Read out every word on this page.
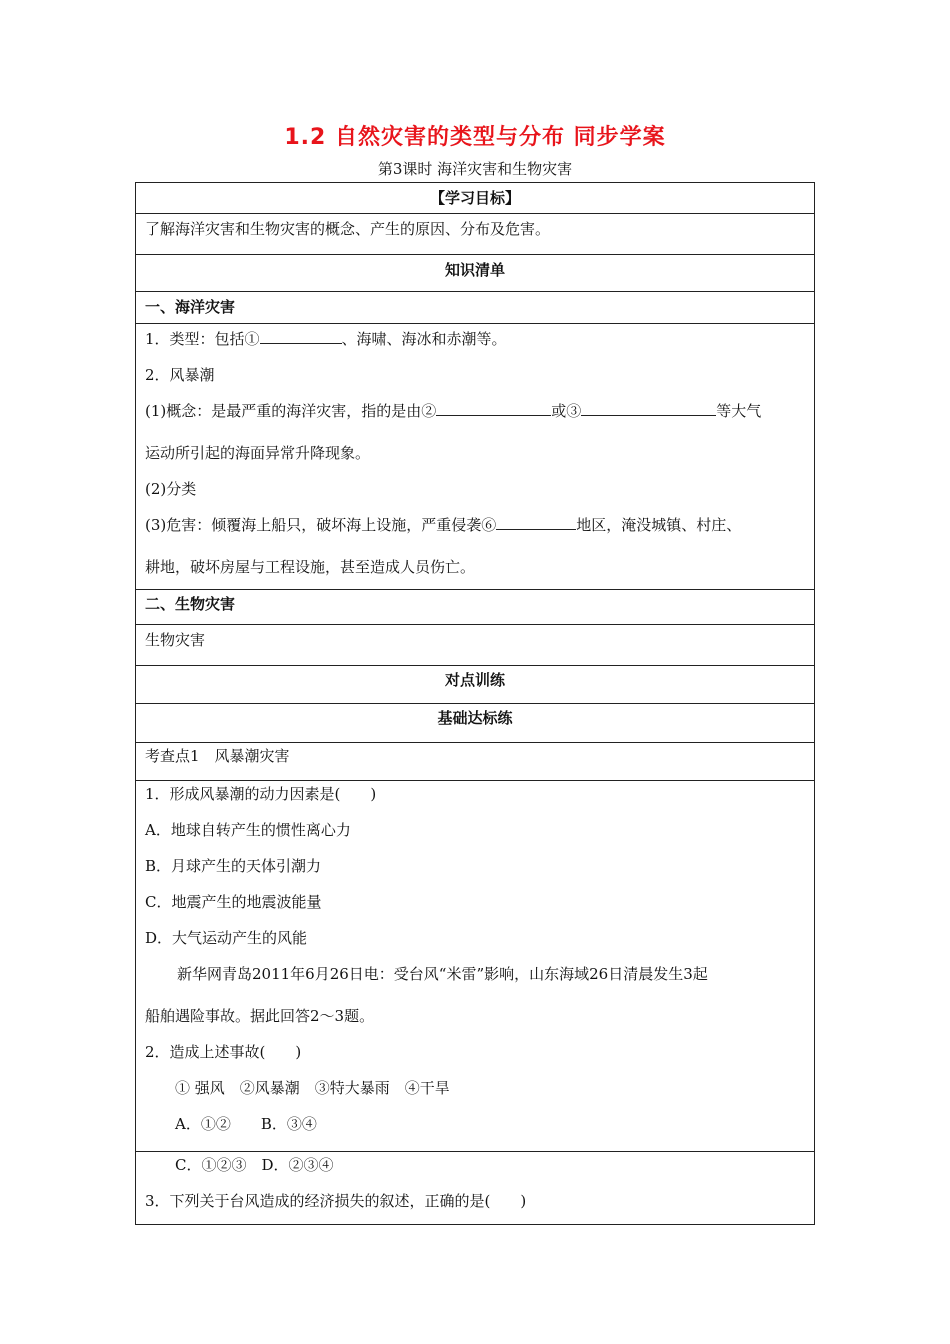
1.2 自然灾害的类型与分布 同步学案
第3课时 海洋灾害和生物灾害
【学习目标】
了解海洋灾害和生物灾害的概念、产生的原因、分布及危害。
知识清单
一、海洋灾害
1．类型：包括①	、海啸、海冰和赤潮等。
2．风暴潮
(1)概念：是最严重的海洋灾害，指的是由②	或③	等大气
运动所引起的海面异常升降现象。
(2)分类
(3)危害：倾覆海上船只，破坏海上设施，严重侵袭⑥	地区，淹没城镇、村庄、
耕地，破坏房屋与工程设施，甚至造成人员伤亡。
二、生物灾害
生物灾害
对点训练
基础达标练
考查点1　风暴潮灾害
1．形成风暴潮的动力因素是(　　)
A．地球自转产生的惯性离心力
B．月球产生的天体引潮力
C．地震产生的地震波能量
D．大气运动产生的风能
新华网青岛2011年6月26日电：受台风“米雷”影响，山东海域26日清晨发生3起
船舶遇险事故。据此回答2～3题。
2．造成上述事故(　　)
① 强风　②风暴潮　③特大暴雨　④干旱
A．①②　　B．③④
C．①②③　D．②③④
3．下列关于台风造成的经济损失的叙述，正确的是(　　)
